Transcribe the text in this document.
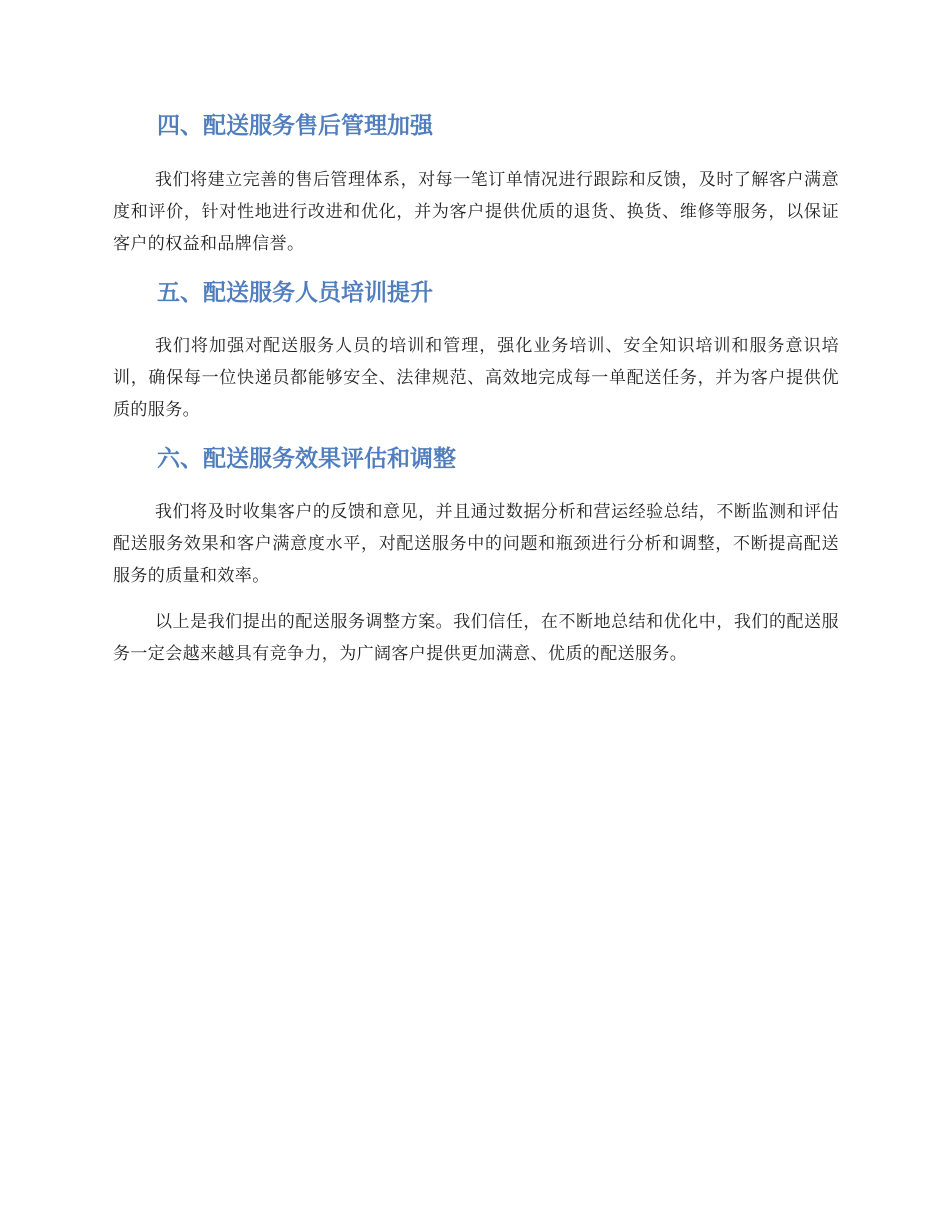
四、配送服务售后管理加强

我们将建立完善的售后管理体系，对每一笔订单情况进行跟踪和反馈，及时了解客户满意度和评价，针对性地进行改进和优化，并为客户提供优质的退货、换货、维修等服务，以保证客户的权益和品牌信誉。

五、配送服务人员培训提升

我们将加强对配送服务人员的培训和管理，强化业务培训、安全知识培训和服务意识培训，确保每一位快递员都能够安全、法律规范、高效地完成每一单配送任务，并为客户提供优质的服务。

六、配送服务效果评估和调整

我们将及时收集客户的反馈和意见，并且通过数据分析和营运经验总结，不断监测和评估配送服务效果和客户满意度水平，对配送服务中的问题和瓶颈进行分析和调整，不断提高配送服务的质量和效率。

以上是我们提出的配送服务调整方案。我们信任，在不断地总结和优化中，我们的配送服务一定会越来越具有竞争力，为广阔客户提供更加满意、优质的配送服务。
